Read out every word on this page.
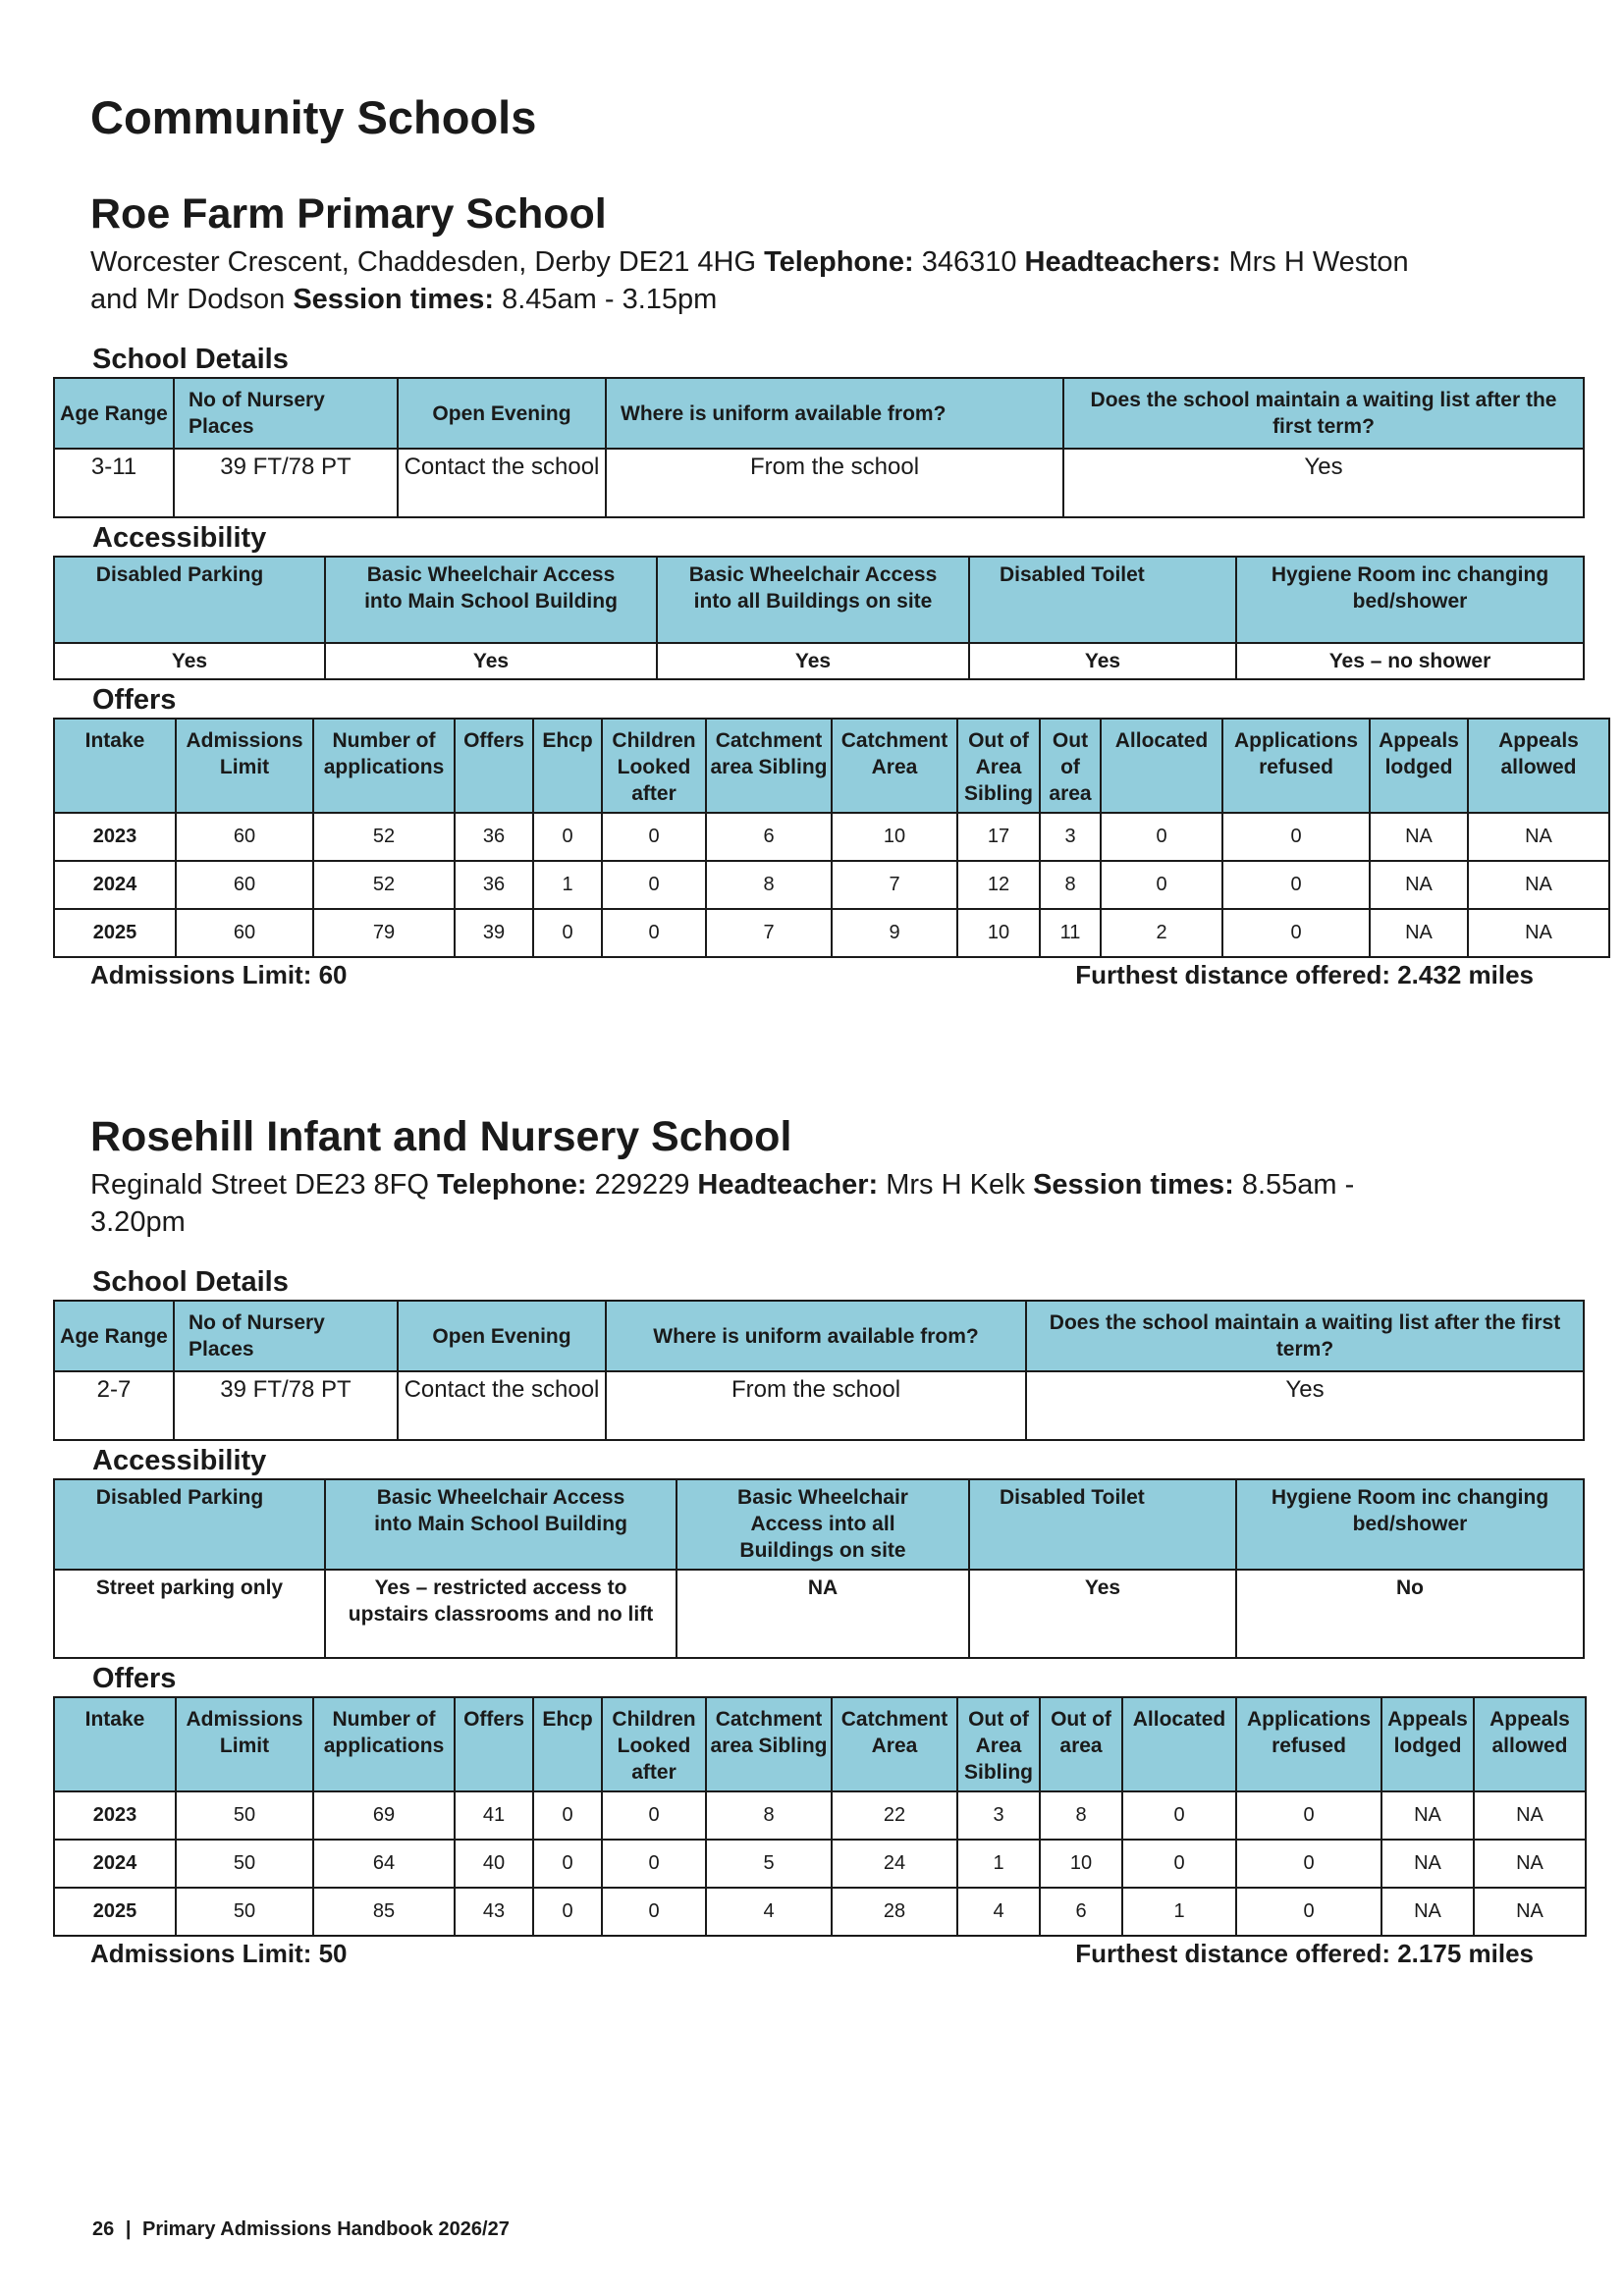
Community Schools
Roe Farm Primary School

Worcester Crescent, Chaddesden, Derby DE21 4HG Telephone: 346310 Headteachers: Mrs H Weston and Mr Dodson Session times: 8.45am - 3.15pm

School Details
Age Range	No of Nursery Places	Open Evening	Where is uniform available from?	Does the school maintain a waiting list after the first term?
3-11	39 FT/78 PT	Contact the school	From the school	Yes
Accessibility
Disabled Parking	Basic Wheelchair Access into Main School Building	Basic Wheelchair Access into all Buildings on site	Disabled Toilet	Hygiene Room inc changing bed/shower
Yes	Yes	Yes	Yes	Yes – no shower
Offers
Intake	Admissions Limit	Number of applications	Offers	Ehcp	Children Looked after	Catchment area Sibling	Catchment Area	Out of Area Sibling	Out of area	Allocated	Applications refused	Appeals lodged	Appeals allowed
2023	60	52	36	0	0	6	10	17	3	0	0	NA	NA
2024	60	52	36	1	0	8	7	12	8	0	0	NA	NA
2025	60	79	39	0	0	7	9	10	11	2	0	NA	NA
Admissions Limit: 60	Furthest distance offered: 2.432 miles
Rosehill Infant and Nursery School

Reginald Street DE23 8FQ Telephone: 229229 Headteacher: Mrs H Kelk Session times: 8.55am - 3.20pm

School Details
Age Range	No of Nursery Places	Open Evening	Where is uniform available from?	Does the school maintain a waiting list after the first term?
2-7	39 FT/78 PT	Contact the school	From the school	Yes
Accessibility
Disabled Parking	Basic Wheelchair Access into Main School Building	Basic Wheelchair Access into all Buildings on site	Disabled Toilet	Hygiene Room inc changing bed/shower
Street parking only	Yes – restricted access to upstairs classrooms and no lift	NA	Yes	No
Offers
Intake	Admissions Limit	Number of applications	Offers	Ehcp	Children Looked after	Catchment area Sibling	Catchment Area	Out of Area Sibling	Out of area	Allocated	Applications refused	Appeals lodged	Appeals allowed
2023	50	69	41	0	0	8	22	3	8	0	0	NA	NA
2024	50	64	40	0	0	5	24	1	10	0	0	NA	NA
2025	50	85	43	0	0	4	28	4	6	1	0	NA	NA
Admissions Limit: 50	Furthest distance offered: 2.175 miles
26 | Primary Admissions Handbook 2026/27
